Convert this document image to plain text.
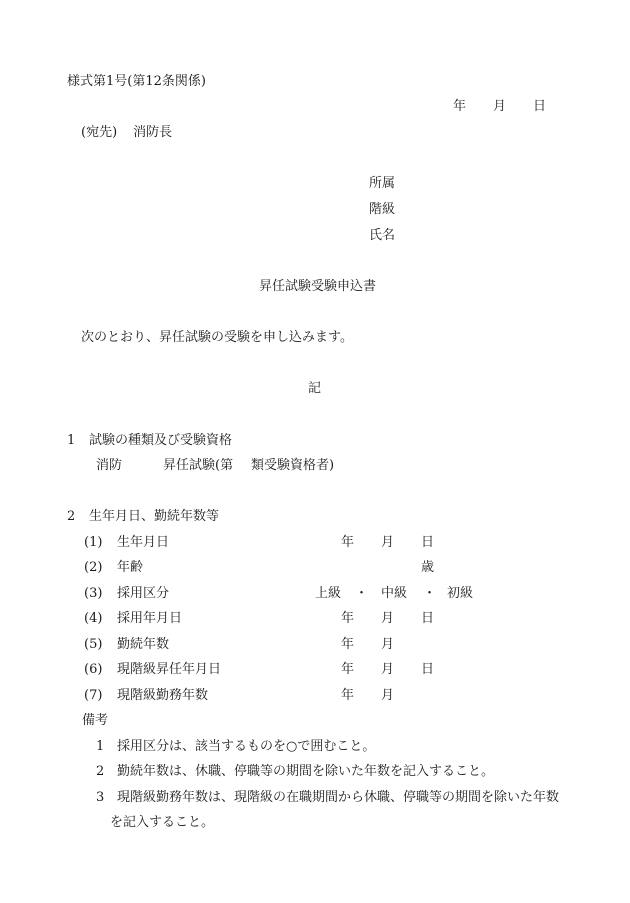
様式第1号(第12条関係)
年 月 日
(宛先) 消防長
所属
階級
氏名
昇任試験受験申込書
次のとおり、昇任試験の受験を申し込みます。
記
1 試験の種類及び受験資格
消防	昇任試験(第 類受験資格者)
2 生年月日、勤続年数等
(1) 生年月日	年 月 日
(2) 年齢	歳
(3) 採用区分	上級 ・ 中級 ・ 初級
(4) 採用年月日	年 月 日
(5) 勤続年数	年 月
(6) 現階級昇任年月日	年 月 日
(7) 現階級勤務年数	年 月
備考
1 採用区分は、該当するものを○で囲むこと。
2 勤続年数は、休職、停職等の期間を除いた年数を記入すること。
3 現階級勤務年数は、現階級の在職期間から休職、停職等の期間を除いた年数
を記入すること。
